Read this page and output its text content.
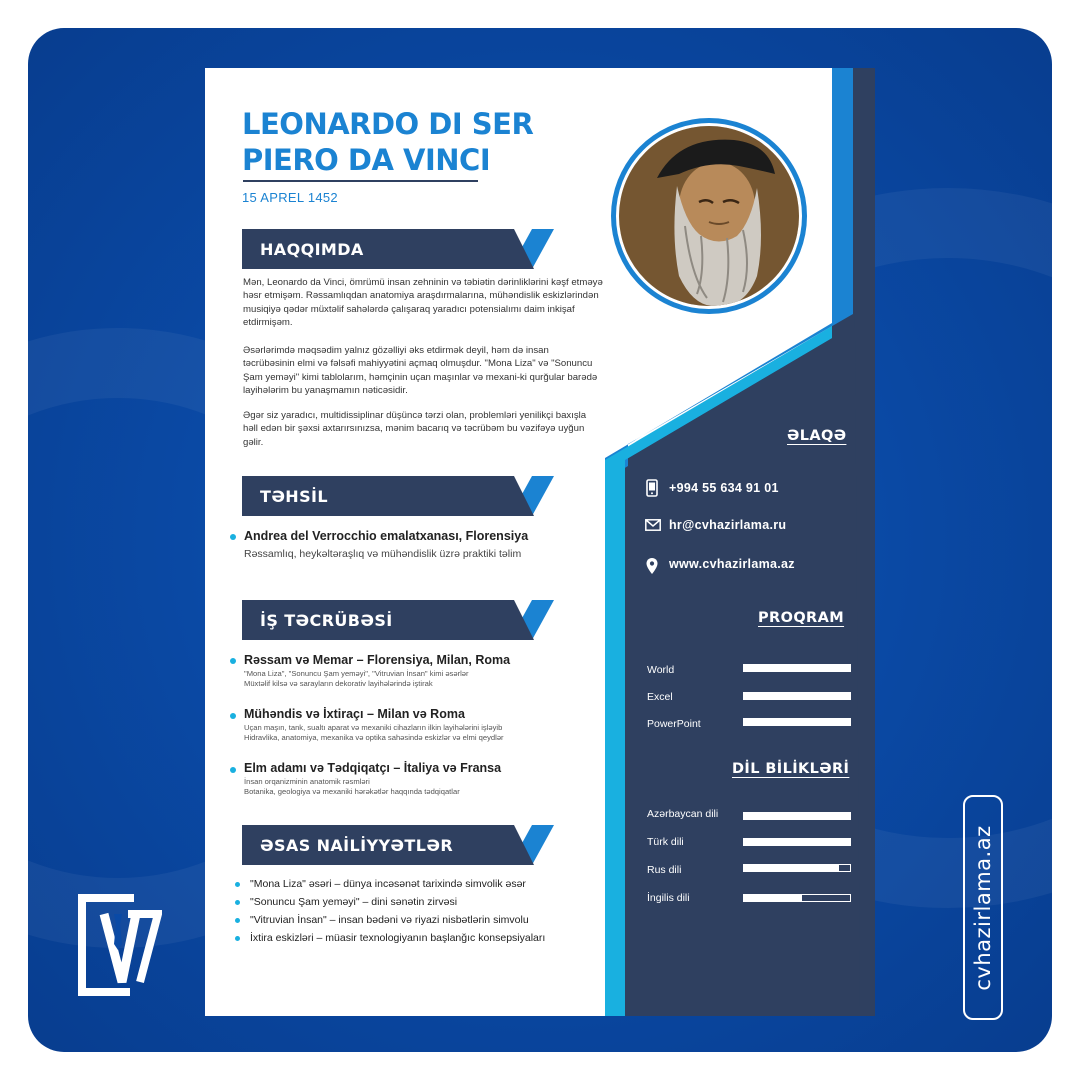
LEONARDO DI SER
PIERO DA VINCI
15 APREL 1452
HAQQIMDA
Mən, Leonardo da Vinci, ömrümü insan zehninin və təbiətin dərinliklərini kəşf etməyə həsr etmişəm. Rəssamlıqdan anatomiya araşdırmalarına, mühəndislik eskizlərindən musiqiyə qədər müxtəlif sahələrdə çalışaraq yaradıcı potensialımı daim inkişaf etdirmişəm.
Əsərlərimdə məqsədim yalnız gözəlliyi əks etdirmək deyil, həm də insan təcrübəsinin elmi və fəlsəfi mahiyyətini açmaq olmuşdur. "Mona Liza" və "Sonuncu Şam yeməyi" kimi tablolarım, həmçinin uçan maşınlar və mexani-ki qurğular barədə layihələrim bu yanaşmamın nəticəsidir.
Əgər siz yaradıcı, multidissiplinar düşüncə tərzi olan, problemləri yenilikçi baxışla həll edən bir şəxsi axtarırsınızsa, mənim bacarıq və təcrübəm bu vəzifəyə uyğun gəlir.
TƏHSİL
Andrea del Verrocchio emalatxanası, Florensiya
Rəssamlıq, heykəltəraşlıq və mühəndislik üzrə praktiki təlim
İŞ TƏCRÜBƏSİ
Rəssam və Memar – Florensiya, Milan, Roma
"Mona Liza", "Sonuncu Şam yeməyi", "Vitruvian İnsan" kimi əsərlər
Müxtəlif kilsə və sarayların dekorativ layihələrində iştirak
Mühəndis və İxtiraçı – Milan və Roma
Uçan maşın, tank, sualtı aparat və mexaniki cihazların ilkin layihələrini işləyib
Hidravlika, anatomiya, mexanika və optika sahəsində eskizlər və elmi qeydlər
Elm adamı və Tədqiqatçı – İtaliya və Fransa
İnsan orqanizminin anatomik rəsmləri
Botanika, geologiya və mexaniki hərəkətlər haqqında tədqiqatlar
ƏSAS NAİLİYYƏTLƏR
"Mona Liza" əsəri – dünya incəsənət tarixində simvolik əsər
"Sonuncu Şam yeməyi" – dini sənətin zirvəsi
"Vitruvian İnsan" – insan bədəni və riyazi nisbətlərin simvolu
İxtira eskizləri – müasir texnologiyanın başlanğıc konsepsiyaları
ƏLAQƏ
+994 55 634 91 01
hr@cvhazirlama.ru
www.cvhazirlama.az
PROQRAM
World
Excel
PowerPoint
DİL BİLİKLƏRİ
Azərbaycan dili
Türk dili
Rus dili
İngilis dili	cvhazirlama.az
